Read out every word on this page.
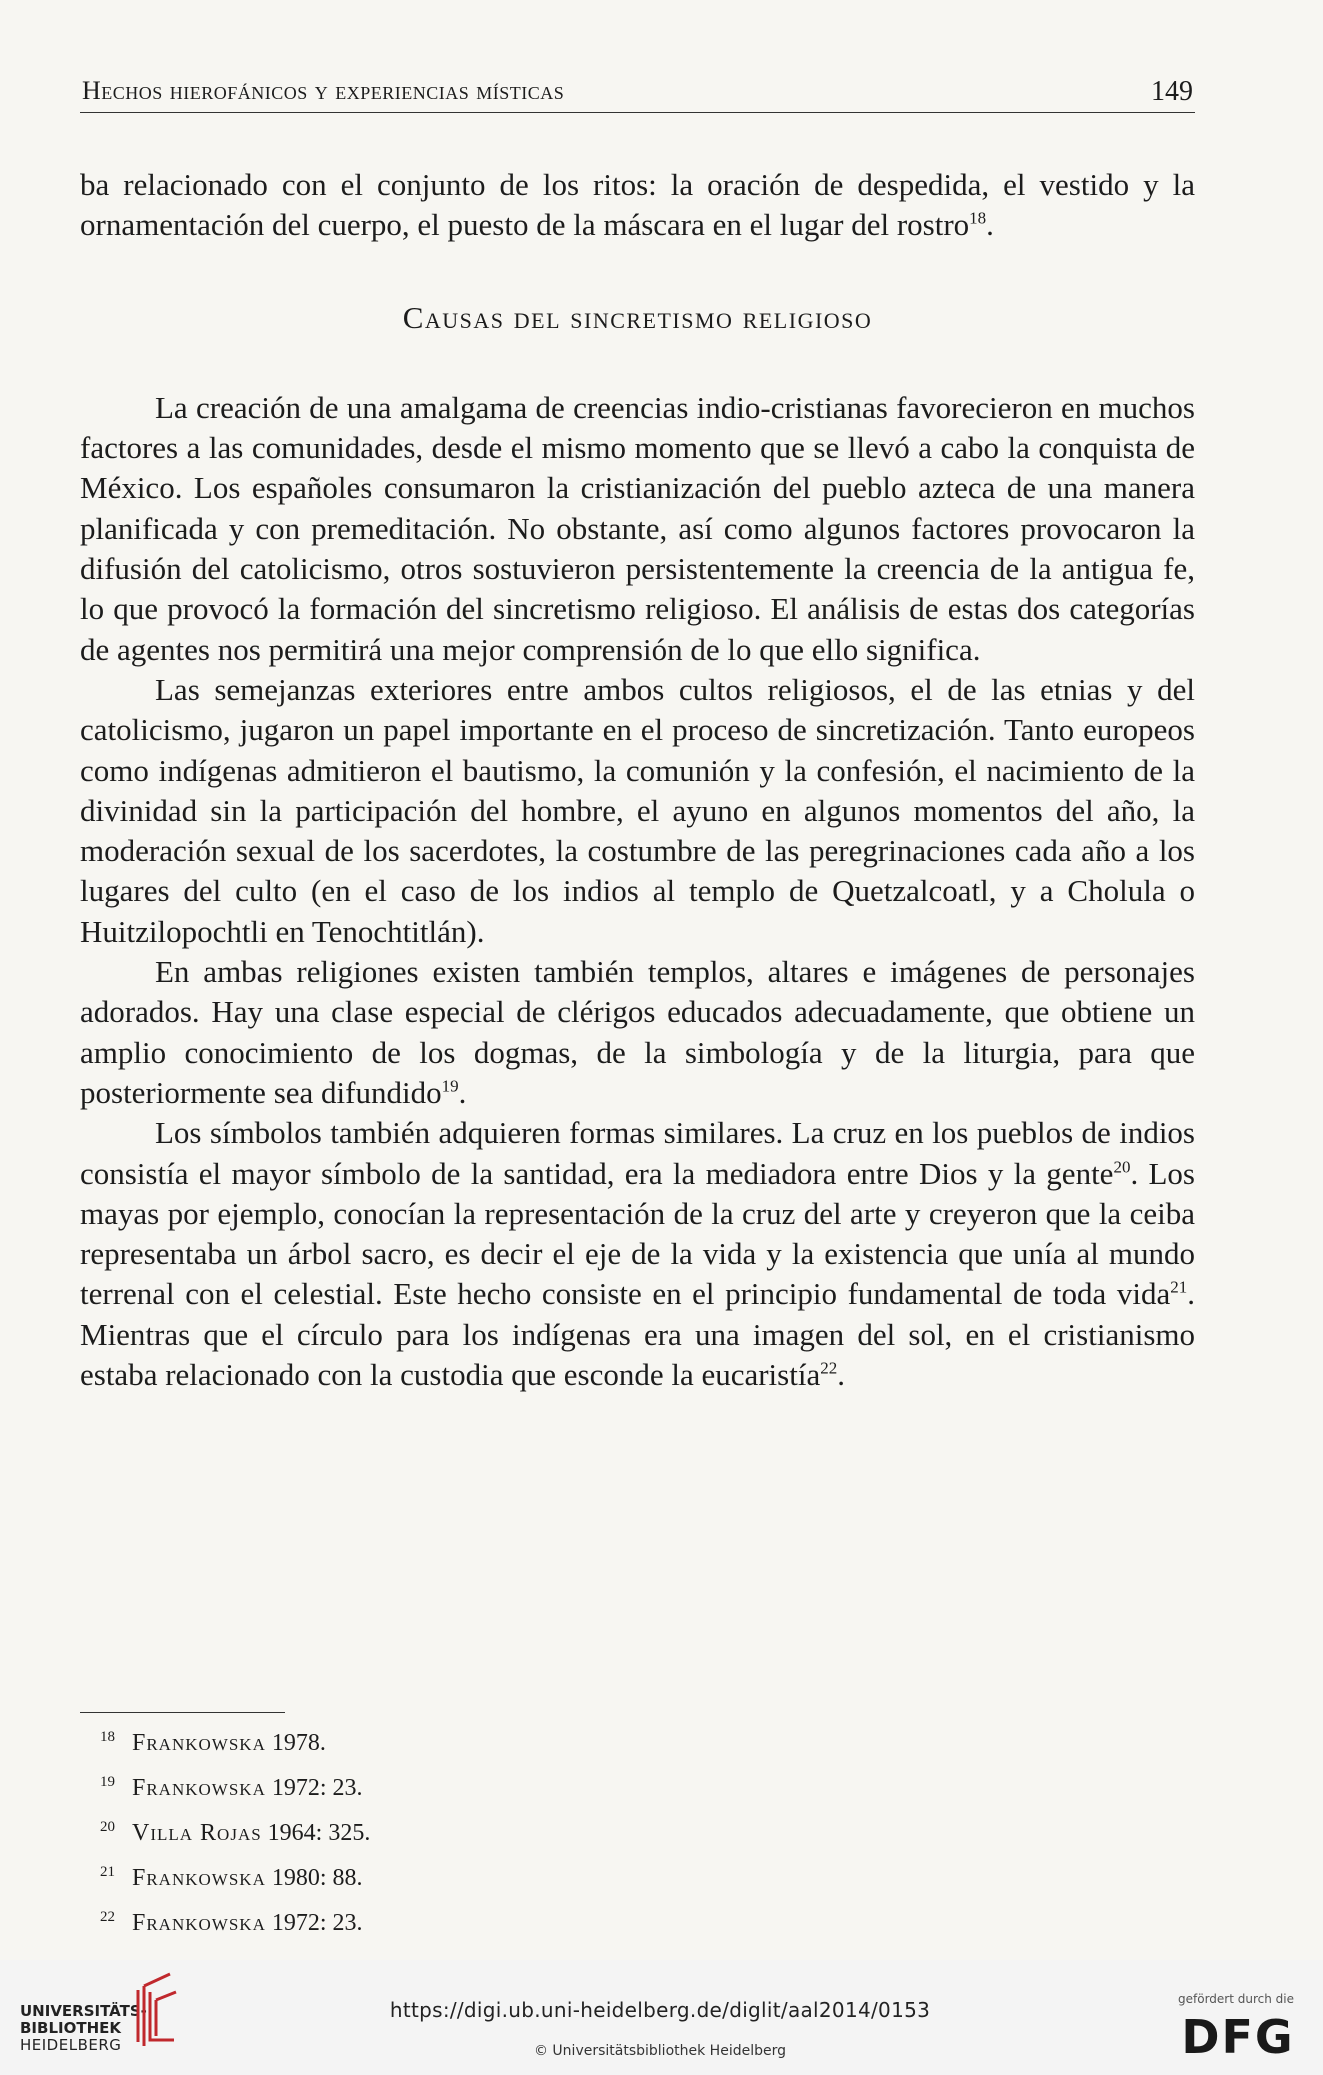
Hechos hierofánicos y experiencias místicas	149

ba relacionado con el conjunto de los ritos: la oración de despedida, el vestido y la ornamentación del cuerpo, el puesto de la máscara en el lugar del rostro$^{18}$.

Causas del sincretismo religioso

La creación de una amalgama de creencias indio-cristianas favorecieron en muchos factores a las comunidades, desde el mismo momento que se llevó a cabo la conquista de México. Los españoles consumaron la cristianización del pueblo azteca de una manera planificada y con premeditación. No obstante, así como algunos factores provocaron la difusión del catolicismo, otros sostuvieron persistentemente la creencia de la antigua fe, lo que provocó la formación del sincretismo religioso. El análisis de estas dos categorías de agentes nos permitirá una mejor comprensión de lo que ello significa.

Las semejanzas exteriores entre ambos cultos religiosos, el de las etnias y del catolicismo, jugaron un papel importante en el proceso de sincretización. Tanto europeos como indígenas admitieron el bautismo, la comunión y la confesión, el nacimiento de la divinidad sin la participación del hombre, el ayuno en algunos momentos del año, la moderación sexual de los sacerdotes, la costumbre de las peregrinaciones cada año a los lugares del culto (en el caso de los indios al templo de Quetzalcoatl, y a Cholula o Huitzilopochtli en Tenochtitlán).

En ambas religiones existen también templos, altares e imágenes de personajes adorados. Hay una clase especial de clérigos educados adecuadamente, que obtiene un amplio conocimiento de los dogmas, de la simbología y de la liturgia, para que posteriormente sea difundido$^{19}$.

Los símbolos también adquieren formas similares. La cruz en los pueblos de indios consistía el mayor símbolo de la santidad, era la mediadora entre Dios y la gente$^{20}$. Los mayas por ejemplo, conocían la representación de la cruz del arte y creyeron que la ceiba representaba un árbol sacro, es decir el eje de la vida y la existencia que unía al mundo terrenal con el celestial. Este hecho consiste en el principio fundamental de toda vida$^{21}$. Mientras que el círculo para los indígenas era una imagen del sol, en el cristianismo estaba relacionado con la custodia que esconde la eucaristía$^{22}$.

18 Frankowska 1978.
19 Frankowska 1972: 23.
20 Villa Rojas 1964: 325.
21 Frankowska 1980: 88.
22 Frankowska 1972: 23.
UNIVERSITÄTS-
BIBLIOTHEK
HEIDELBERG
https://digi.ub.uni-heidelberg.de/diglit/aal2014/0153
© Universitätsbibliothek Heidelberg
gefördert durch die
DFG
